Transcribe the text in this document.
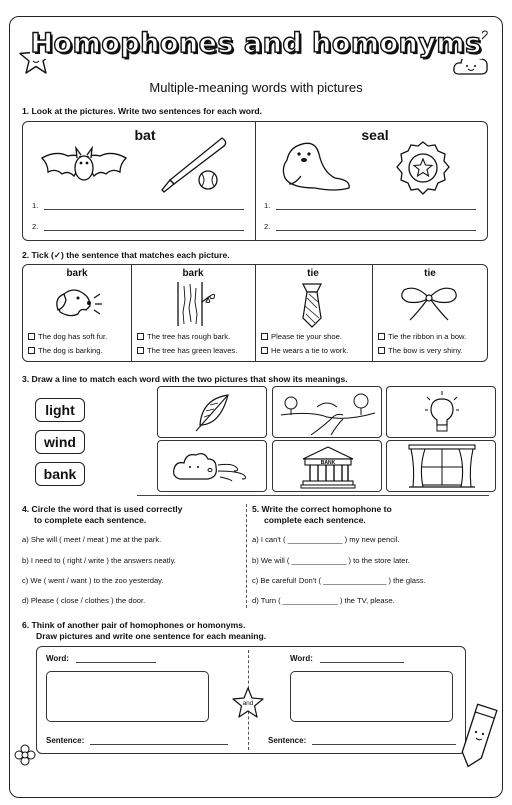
Homophones and homonyms
Multiple-meaning words with pictures
1. Look at the pictures. Write two sentences for each word.
bat	seal
1.
2.
1.
2.
2. Tick (✓) the sentence that matches each picture.
bark	bark	tie	tie
The dog has soft fur.
The dog is barking.
The tree has rough bark.
The tree has green leaves.
Please tie your shoe.
He wears a tie to work.
Tie the ribbon in a bow.
The bow is very shiny.
3. Draw a line to match each word with the two pictures that show its meanings.
light
wind
bank
BANK
4. Circle the word that is used correctly
to complete each sentence.
a) She will ( meet / meat ) me at the park.
b) I need to ( right / write ) the answers neatly.
c) We ( went / want ) to the zoo yesterday.
d) Please ( close / clothes ) the door.
5. Write the correct homophone to
complete each sentence.
a) I can't ( _____________ ) my new pencil.
b) We will ( _____________ ) to the store later.
c) Be careful! Don't ( _______________ ) the glass.
d) Turn ( _____________ ) the TV, please.
6. Think of another pair of homophones or homonyms.
Draw pictures and write one sentence for each meaning.
Word:	Word:
and
Sentence:	Sentence:
